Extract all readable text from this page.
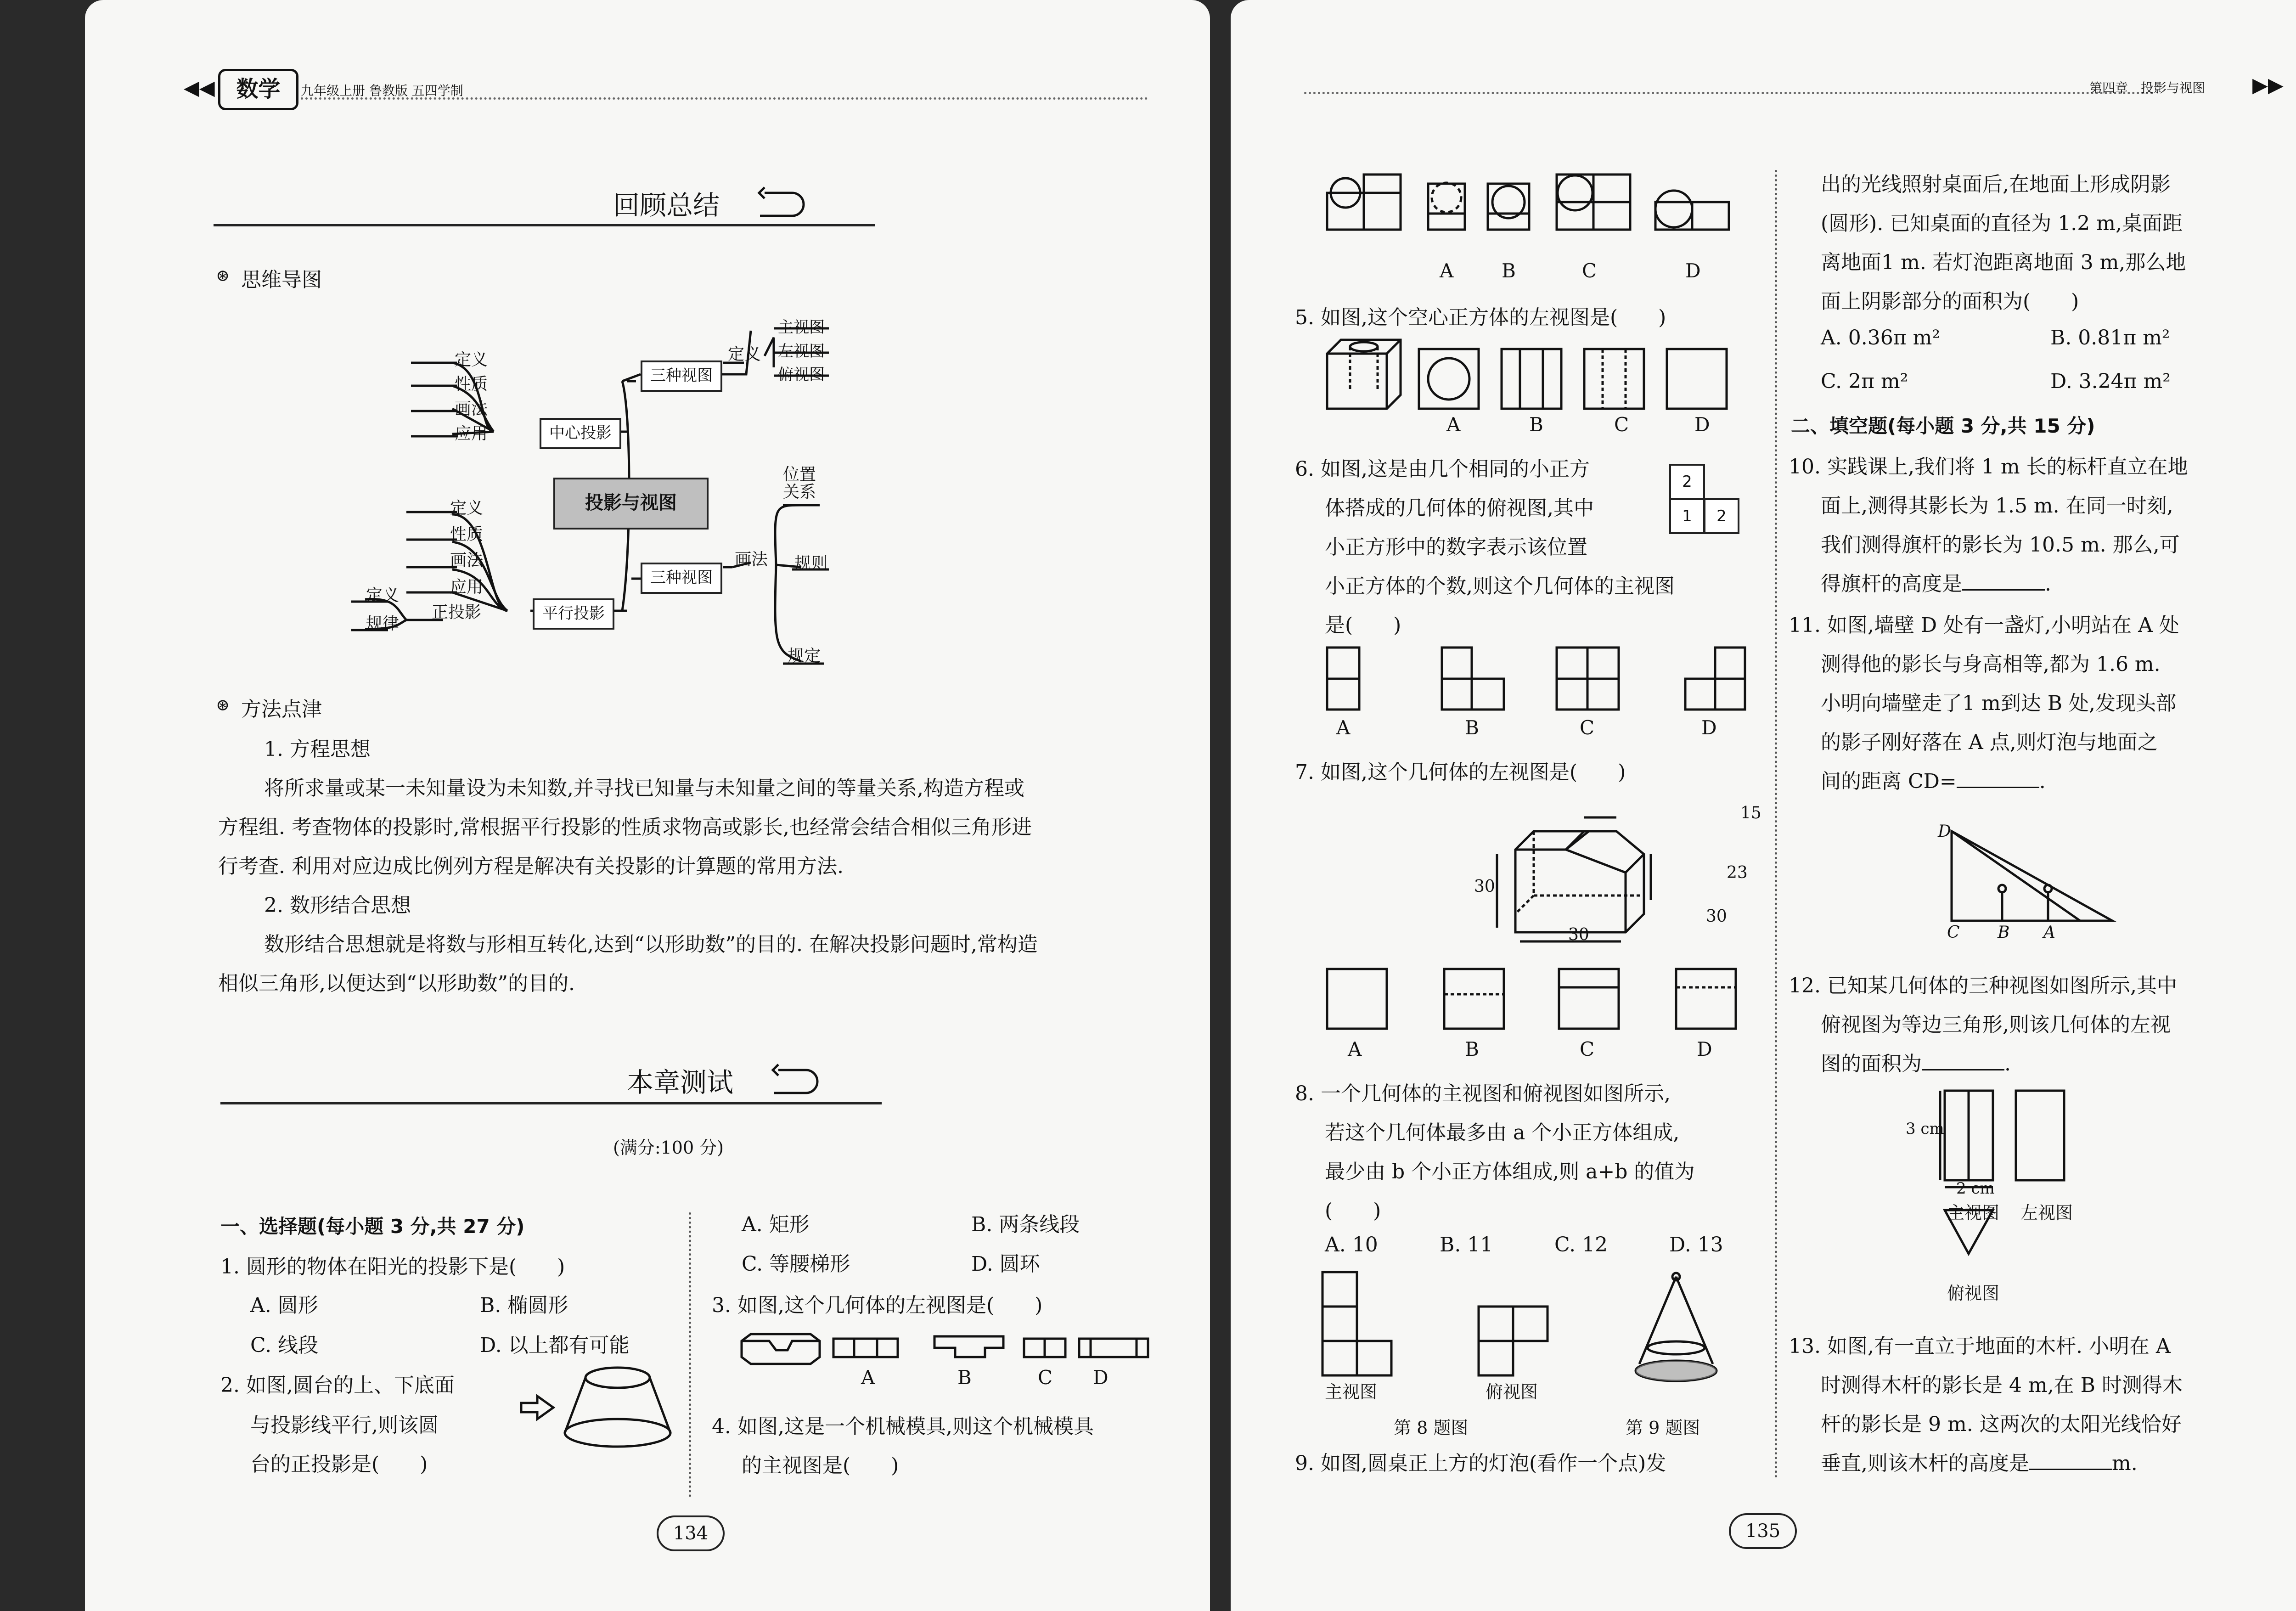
数学	九年级上册 鲁教版 五四学制
◀◀
回顾总结
⊛ 思维导图
三种视图
定义
主视图
左视图
俯视图
定义
性质
画法
应用	中心投影
投影与视图
定义
性质
画法
应用
正投影
定义
规律
平行投影
三种视图
画法
位置关系
规则
规定
⊛ 方法点津
1. 方程思想
将所求量或某一未知量设为未知数,并寻找已知量与未知量之间的等量关系,构造方程或
方程组. 考查物体的投影时,常根据平行投影的性质求物高或影长,也经常会结合相似三角形进
行考查. 利用对应边成比例列方程是解决有关投影的计算题的常用方法.
2. 数形结合思想
数形结合思想就是将数与形相互转化,达到“以形助数”的目的. 在解决投影问题时,常构造
相似三角形,以便达到“以形助数”的目的.
本章测试
(满分:100 分)
一、选择题(每小题 3 分,共 27 分)
1. 圆形的物体在阳光的投影下是(　　)
A. 圆形	B. 椭圆形
C. 线段	D. 以上都有可能
2. 如图,圆台的上、下底面
与投影线平行,则该圆
台的正投影是(　　)
A. 矩形	B. 两条线段
C. 等腰梯形	D. 圆环
3. 如图,这个几何体的左视图是(　　)
A	B	C D
4. 如图,这是一个机械模具,则这个机械模具
的主视图是(　　)
134
第四章　投影与视图 ▶▶
A B	C	D
5. 如图,这个空心正方体的左视图是(　　)
A	B	C	D
6. 如图,这是由几个相同的小正方
体搭成的几何体的俯视图,其中
小正方形中的数字表示该位置
小正方体的个数,则这个几何体的主视图
是(　　)
2
1	2
A	B	C	D
7. 如图,这个几何体的左视图是(　　)
15
23
30
30
30
A	B	C	D
8. 一个几何体的主视图和俯视图如图所示,
若这个几何体最多由 a 个小正方体组成,
最少由 b 个小正方体组成,则 a+b 的值为
(　　)
A. 10	B. 11	C. 12	D. 13
主视图	俯视图
第 8 题图	第 9 题图
9. 如图,圆桌正上方的灯泡(看作一个点)发
出的光线照射桌面后,在地面上形成阴影
(圆形). 已知桌面的直径为 1.2 m,桌面距
离地面1 m. 若灯泡距离地面 3 m,那么地
面上阴影部分的面积为(　　)
A. 0.36π m²	B. 0.81π m²
C. 2π m²	D. 3.24π m²
二、填空题(每小题 3 分,共 15 分)
10. 实践课上,我们将 1 m 长的标杆直立在地
面上,测得其影长为 1.5 m. 在同一时刻,
我们测得旗杆的影长为 10.5 m. 那么,可
得旗杆的高度是	.
11. 如图,墙壁 D 处有一盏灯,小明站在 A 处
测得他的影长与身高相等,都为 1.6 m.
小明向墙壁走了1 m到达 B 处,发现头部
的影子刚好落在 A 点,则灯泡与地面之
间的距离 CD=	.
D
C B A
12. 已知某几何体的三种视图如图所示,其中
俯视图为等边三角形,则该几何体的左视
图的面积为	.
3 cm
2 cm
主视图 左视图
俯视图
13. 如图,有一直立于地面的木杆. 小明在 A
时测得木杆的影长是 4 m,在 B 时测得木
杆的影长是 9 m. 这两次的太阳光线恰好
垂直,则该木杆的高度是	m.
135
